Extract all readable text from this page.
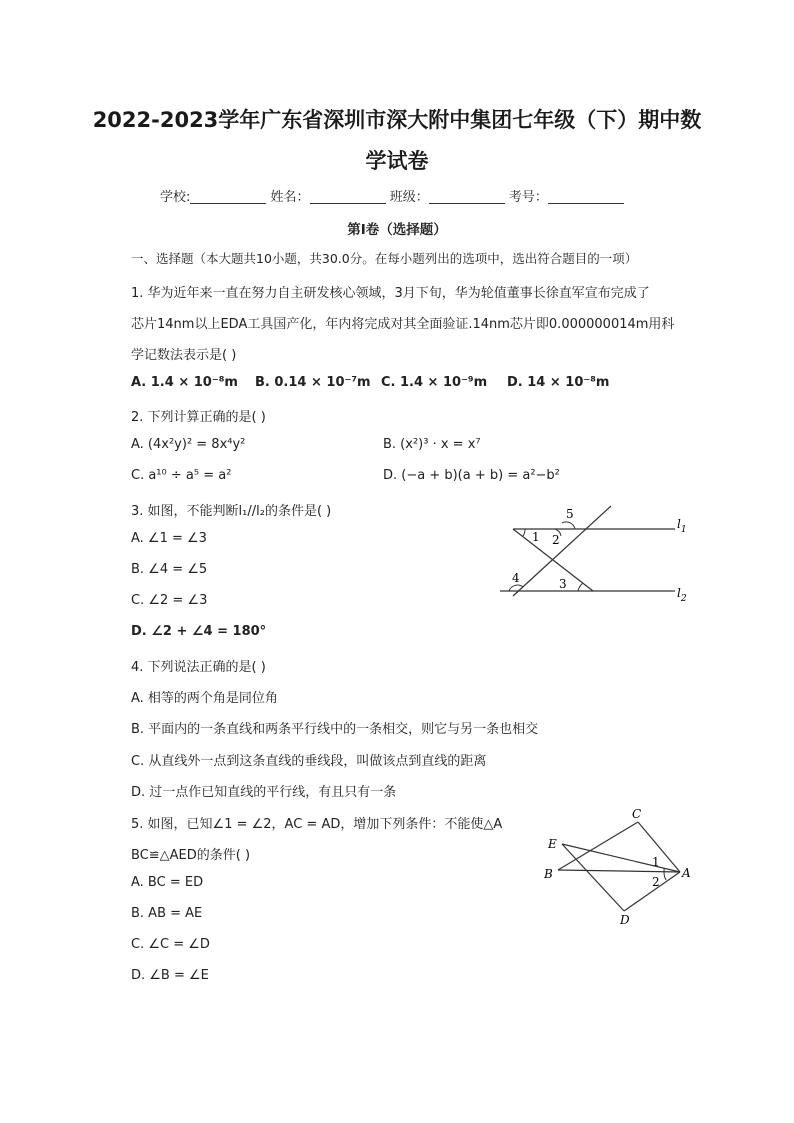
2022-2023学年广东省深圳市深大附中集团七年级（下）期中数
学试卷
学校:	姓名：	班级：	考号：
第Ⅰ卷（选择题）
一、选择题（本大题共10小题，共30.0分。在每小题列出的选项中，选出符合题目的一项）
1. 华为近年来一直在努力自主研发核心领域，3月下旬，华为轮值董事长徐直军宣布完成了
芯片14nm以上EDA工具国产化，年内将完成对其全面验证.14nm芯片即0.000000014m用科
学记数法表示是( )
A. 1.4 × 10⁻⁸m B. 0.14 × 10⁻⁷m C. 1.4 × 10⁻⁹m D. 14 × 10⁻⁸m
2. 下列计算正确的是( )
A. (4x²y)² = 8x⁴y²	B. (x²)³ · x = x⁷
C. a¹⁰ ÷ a⁵ = a²	D. (−a + b)(a + b) = a²−b²
3. 如图，不能判断l₁//l₂的条件是( )
A. ∠1 = ∠3
B. ∠4 = ∠5
C. ∠2 = ∠3
D. ∠2 + ∠4 = 180°
1 2
5
3
4
$l_1$
$l_2$
4. 下列说法正确的是( )
A. 相等的两个角是同位角
B. 平面内的一条直线和两条平行线中的一条相交，则它与另一条也相交
C. 从直线外一点到这条直线的垂线段，叫做该点到直线的距离
D. 过一点作已知直线的平行线，有且只有一条
5. 如图，已知∠1 = ∠2，AC = AD，增加下列条件：不能使△A
BC≌△AED的条件( )
A. BC = ED
B. AB = AE
C. ∠C = ∠D
D. ∠B = ∠E
C
E
B	A
D
1
2
